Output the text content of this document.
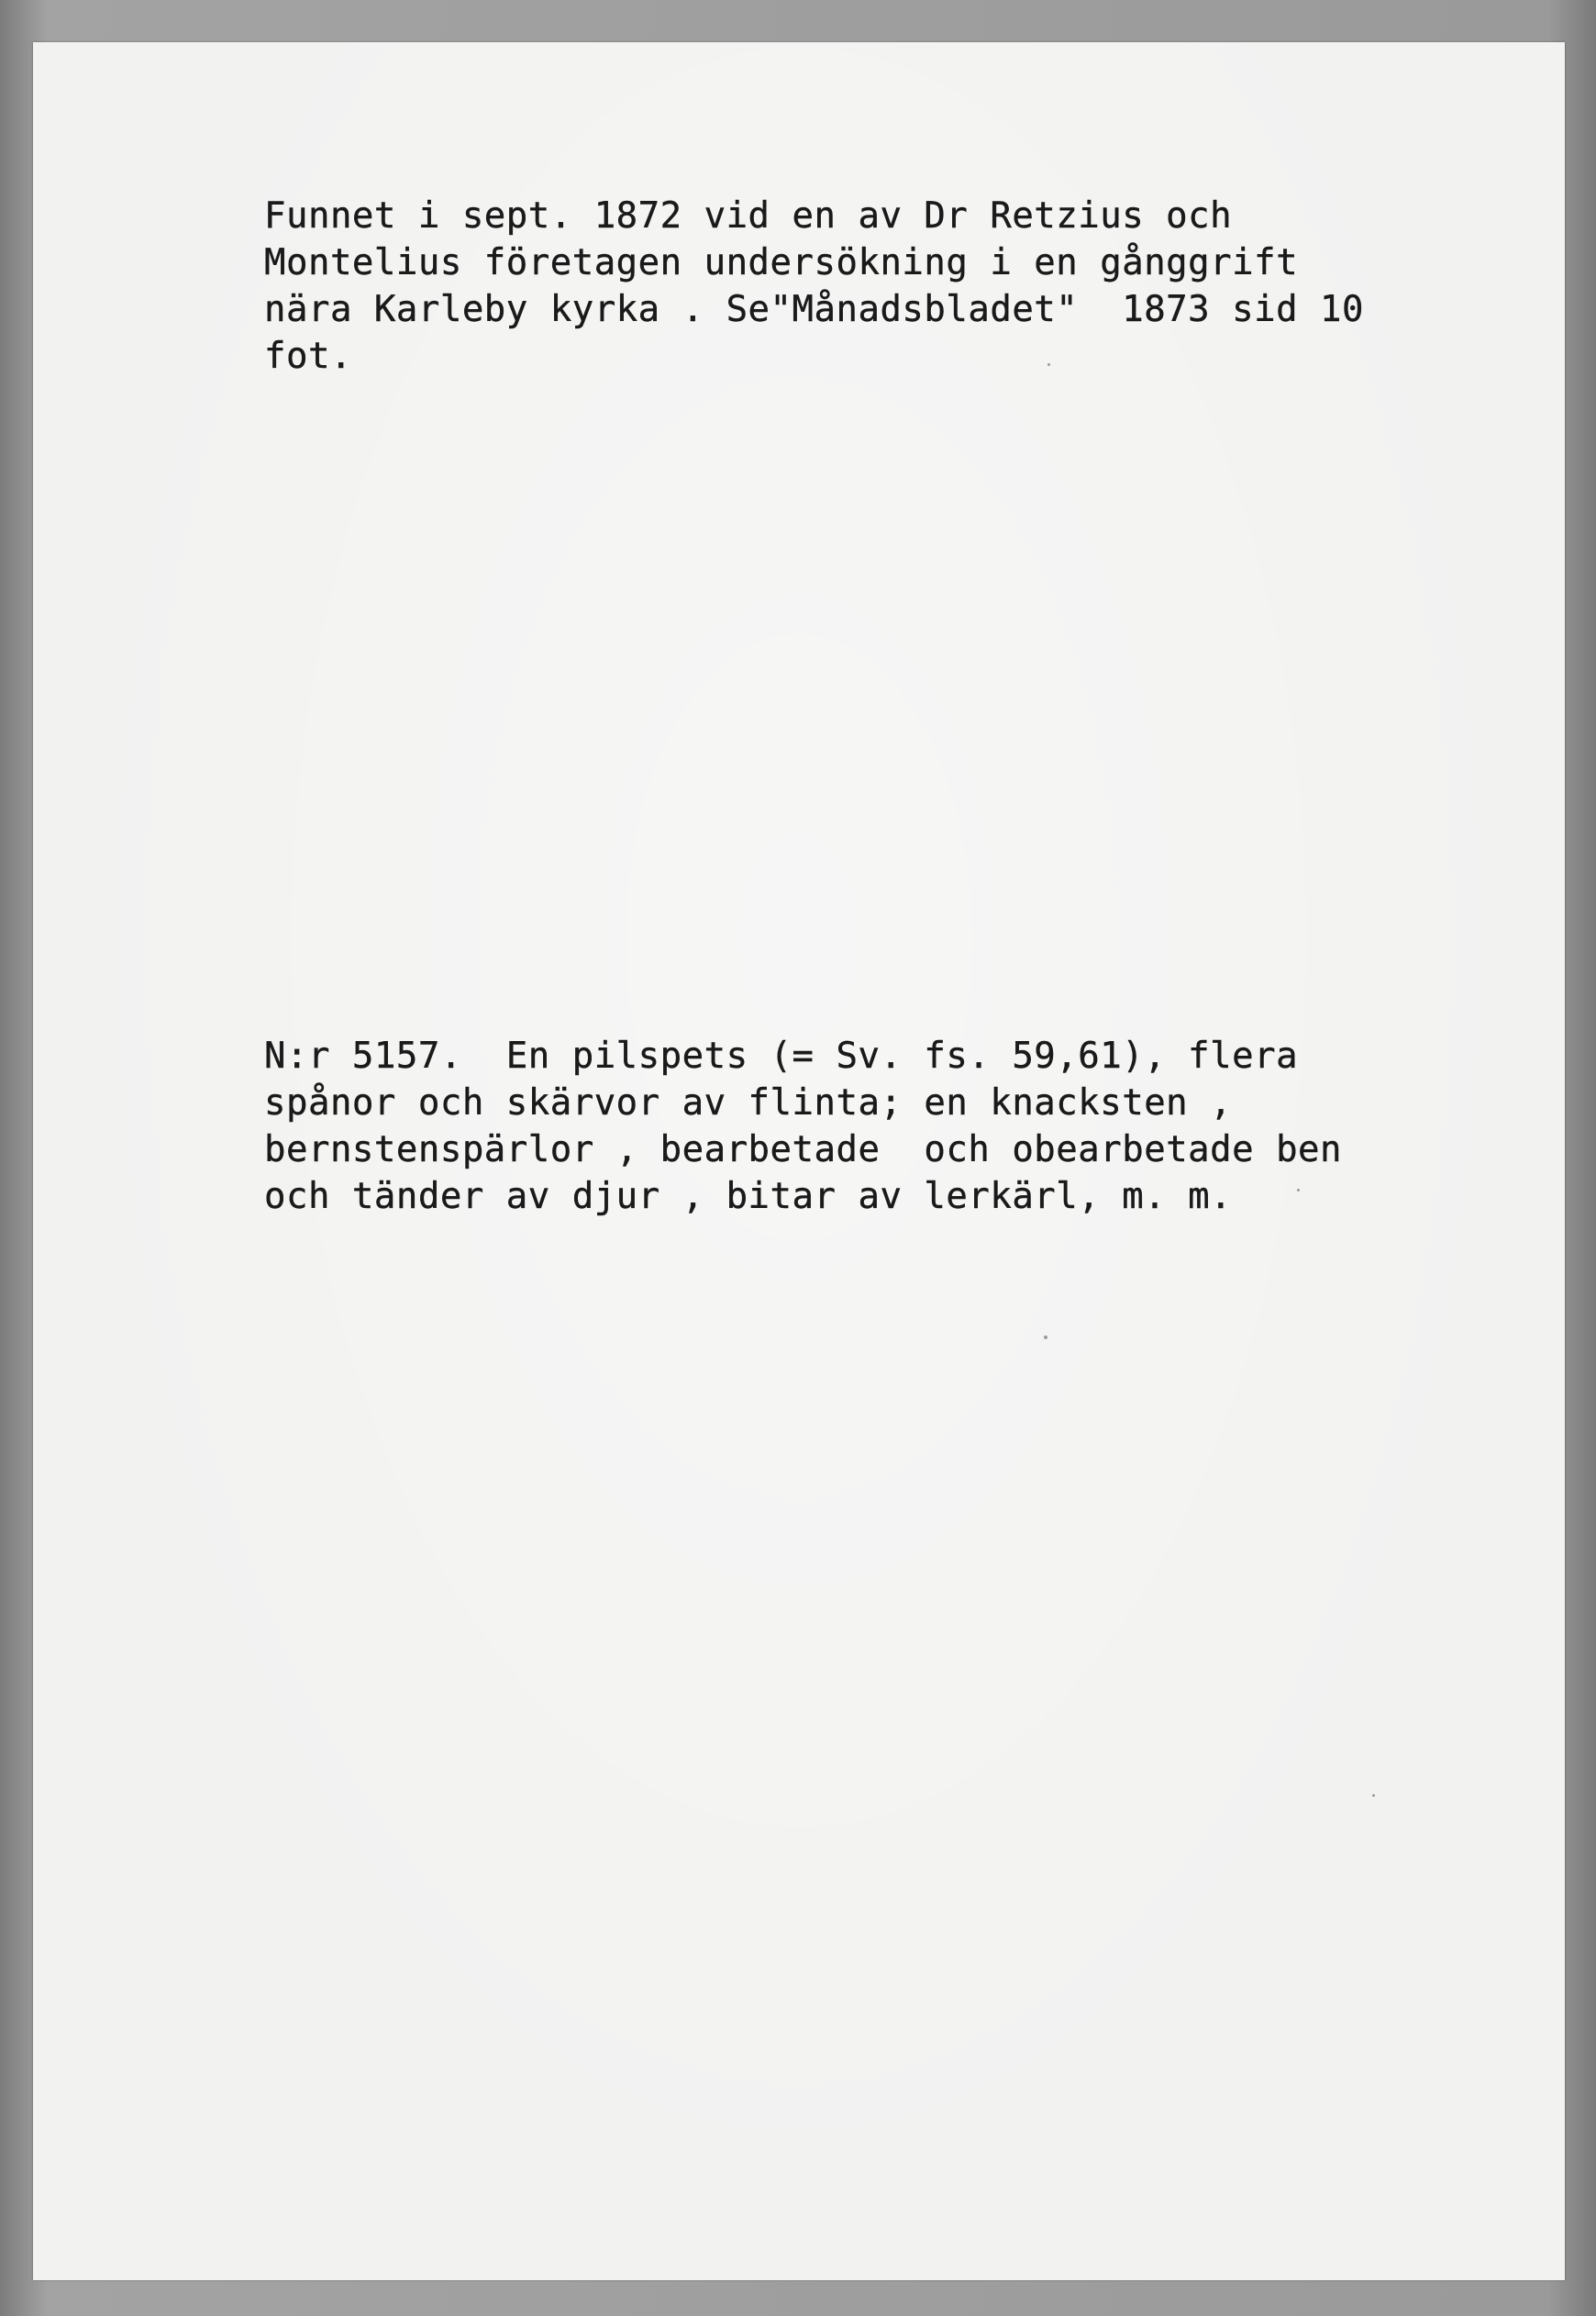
Funnet i sept. 1872 vid en av Dr Retzius och
Montelius företagen undersökning i en gånggrift
nära Karleby kyrka . Se"Månadsbladet"  1873 sid 10
fot.

N:r 5157.  En pilspets (= Sv. fs. 59,61), flera
spånor och skärvor av flinta; en knacksten ,
bernstenspärlor , bearbetade  och obearbetade ben
och tänder av djur , bitar av lerkärl, m. m.
